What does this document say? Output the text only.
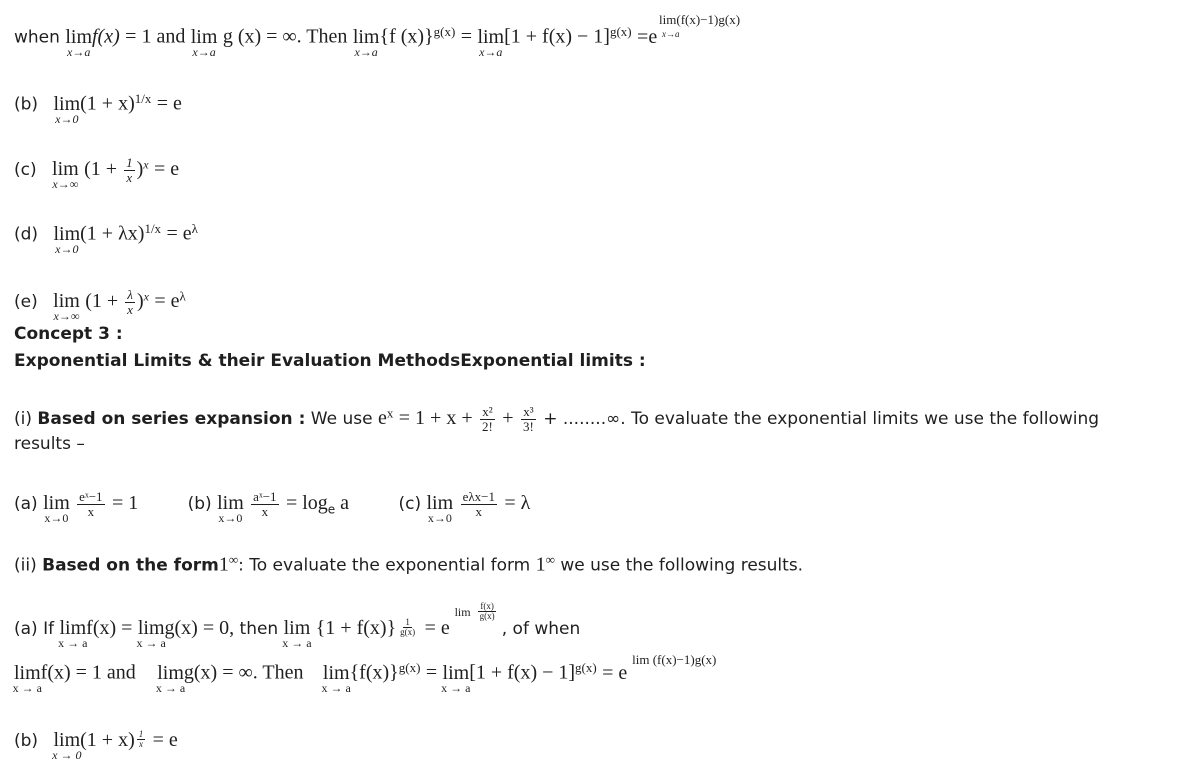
when lim
x→a
f(x) = 1 and lim
x→a
g (x) = ∞. Then lim
x→a
{f (x)}$^{g(x)}$ = lim
x→a
$[1 + f(x) - 1]^{g(x)} =e$
lim(f(x)−1)g(x)
x→a
(b) lim
x→0
$(1 + x)^{1/x} = e$
(c) lim
x→∞
$(1 + \frac{1}{x} )^x = e$
(d) lim
x→0
$(1 + \lambda x)^{1/x} = e^\lambda$
(e) lim
x→∞
$(1 + \frac{\lambda}{x} )^x = e^\lambda$
Concept 3 :
Exponential Limits & their Evaluation MethodsExponential limits :
(i) Based on series expansion : We use $e^x = 1 + x + \frac{\text{x²}}{2!} + \frac{\text{x³}}{3!}$ + ........∞. To evaluate the exponential limits we use the following
results –
(a) lim
x→0
$\frac{\text{eˣ−1}}{x} = 1$	(b) lim
x→0
$\frac{\text{aˣ−1}}{x} = \log_e a$	(c) lim
x→0
$\frac{\text{eλx−1}}{x} = \lambda$
(ii) Based on the form1∞: To evaluate the exponential form 1∞ we use the following results.
(a) If lim
x → a
f(x) = lim
x → a
g(x) = 0, then lim
x → a
$\{1 + f(x)\} \frac{1}{g(x)} = e$
$\lim \frac{f(x)}{g(x)}$
, of when
lim
x → a
f(x) = 1 and lim
x → a
g(x) = ∞. Then lim
x → a
$\{f(x)\}^{g(x)} = \lim$
x → a
$[1 + f(x) - 1]^{g(x)} = e$
lim (f(x)−1)g(x)
(b) lim
x → 0
$(1 + x) \frac{1}{x} = e$
